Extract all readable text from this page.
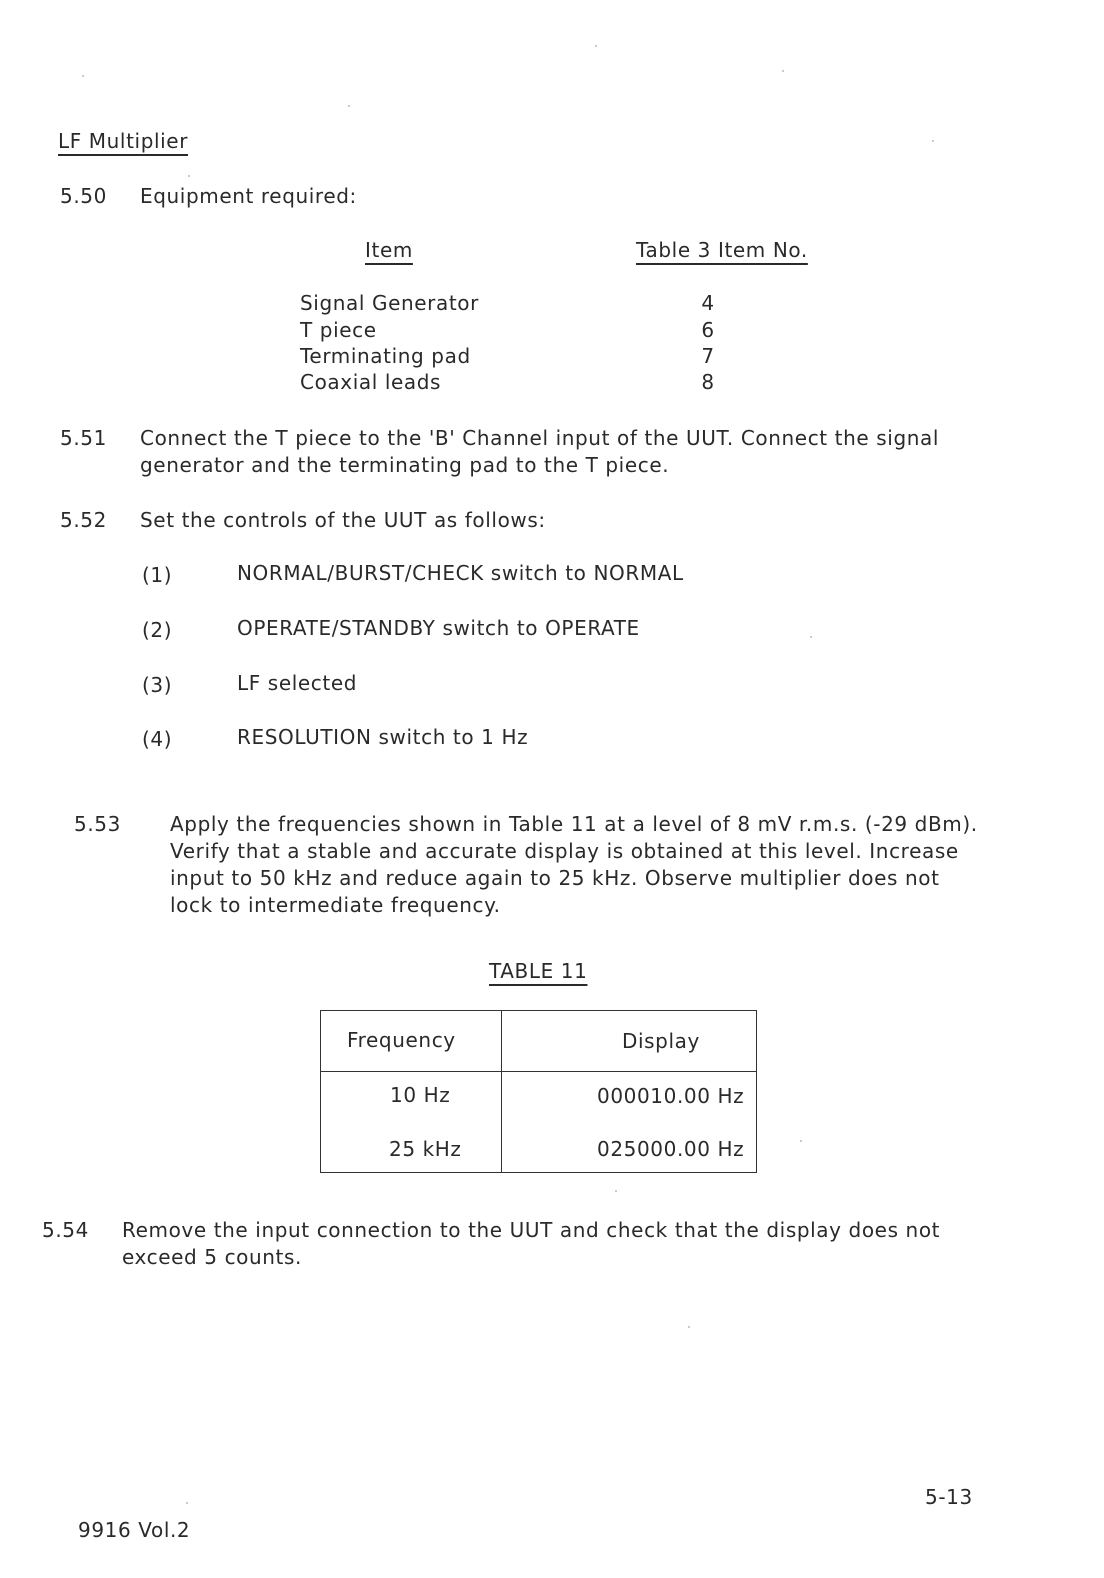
LF Multiplier
5.50 Equipment required:
Item	Table 3 Item No.
Signal Generator	4
T piece	6
Terminating pad	7
Coaxial leads	8
5.51 Connect the T piece to the 'B' Channel input of the UUT. Connect the signal
generator and the terminating pad to the T piece.
5.52 Set the controls of the UUT as follows:
(1)	NORMAL/BURST/CHECK switch to NORMAL
(2)	OPERATE/STANDBY switch to OPERATE
(3)	LF selected
(4)	RESOLUTION switch to 1 Hz
5.53 Apply the frequencies shown in Table 11 at a level of 8 mV r.m.s. (-29 dBm).
Verify that a stable and accurate display is obtained at this level. Increase
input to 50 kHz and reduce again to 25 kHz. Observe multiplier does not
lock to intermediate frequency.
TABLE 11
Frequency	Display
10 Hz	000010.00 Hz
25 kHz	025000.00 Hz
5.54 Remove the input connection to the UUT and check that the display does not
exceed 5 counts.
5-13
9916 Vol.2
